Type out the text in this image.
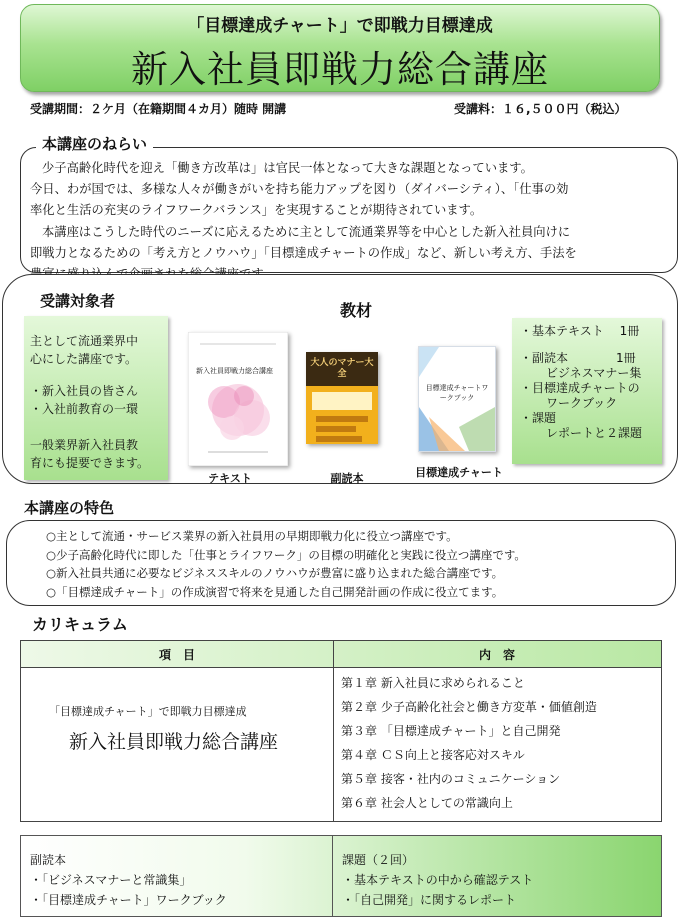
「目標達成チャート」で即戦力目標達成
新入社員即戦力総合講座
受講期間：２ケ月（在籍期間４カ月）随時 開講	受講料：１６,５００円（税込）
本講座のねらい

少子高齢化時代を迎え「働き方改革は」は官民一体となって大きな課題となっています。

今日、わが国では、多様な人々が働きがいを持ち能力アップを図り（ダイバーシティ）、「仕事の効

率化と生活の充実のライフワークバランス」を実現することが期待されています。

本講座はこうした時代のニーズに応えるために主として流通業界等を中心とした新入社員向けに

即戦力となるための「考え方とノウハウ」「目標達成チャートの作成」など、新しい考え方、手法を

受講対象者
主として流通業界中
心にした講座です。
・新入社員の皆さん
・入社前教育の一環
一般業界新入社員教
育にも提要できます。
教材
新入社員即戦力総合講座
大人のマナー大全
目標達成チャートワークブック
テキスト	副読本	目標達成チャート
・基本テキスト　 1冊
・副読本　　　　1冊
ビジネスマナー集
・目標達成チャートの
ワークブック
・課題
レポートと２課題
本講座の特色
○主として流通・サービス業界の新入社員用の早期即戦力化に役立つ講座です。
○少子高齢化時代に即した「仕事とライフワーク」の目標の明確化と実践に役立つ講座です。
○新入社員共通に必要なビジネススキルのノウハウが豊富に盛り込まれた総合講座です。
○「目標達成チャート」の作成演習で将来を見通した自己開発計画の作成に役立てます。
カリキュラム
項　目	内　容
「目標達成チャート」で即戦力目標達成
新入社員即戦力総合講座
第１章 新入社員に求められること
第２章 少子高齢化社会と働き方変革・価値創造
第３章 「目標達成チャート」と自己開発
第４章 ＣＳ向上と接客応対スキル
第５章 接客・社内のコミュニケーション
第６章 社会人としての常識向上
副読本
・「ビジネスマナーと常識集」
・「目標達成チャート」ワークブック
課題（２回）
・基本テキストの中から確認テスト
・「自己開発」に関するレポート
